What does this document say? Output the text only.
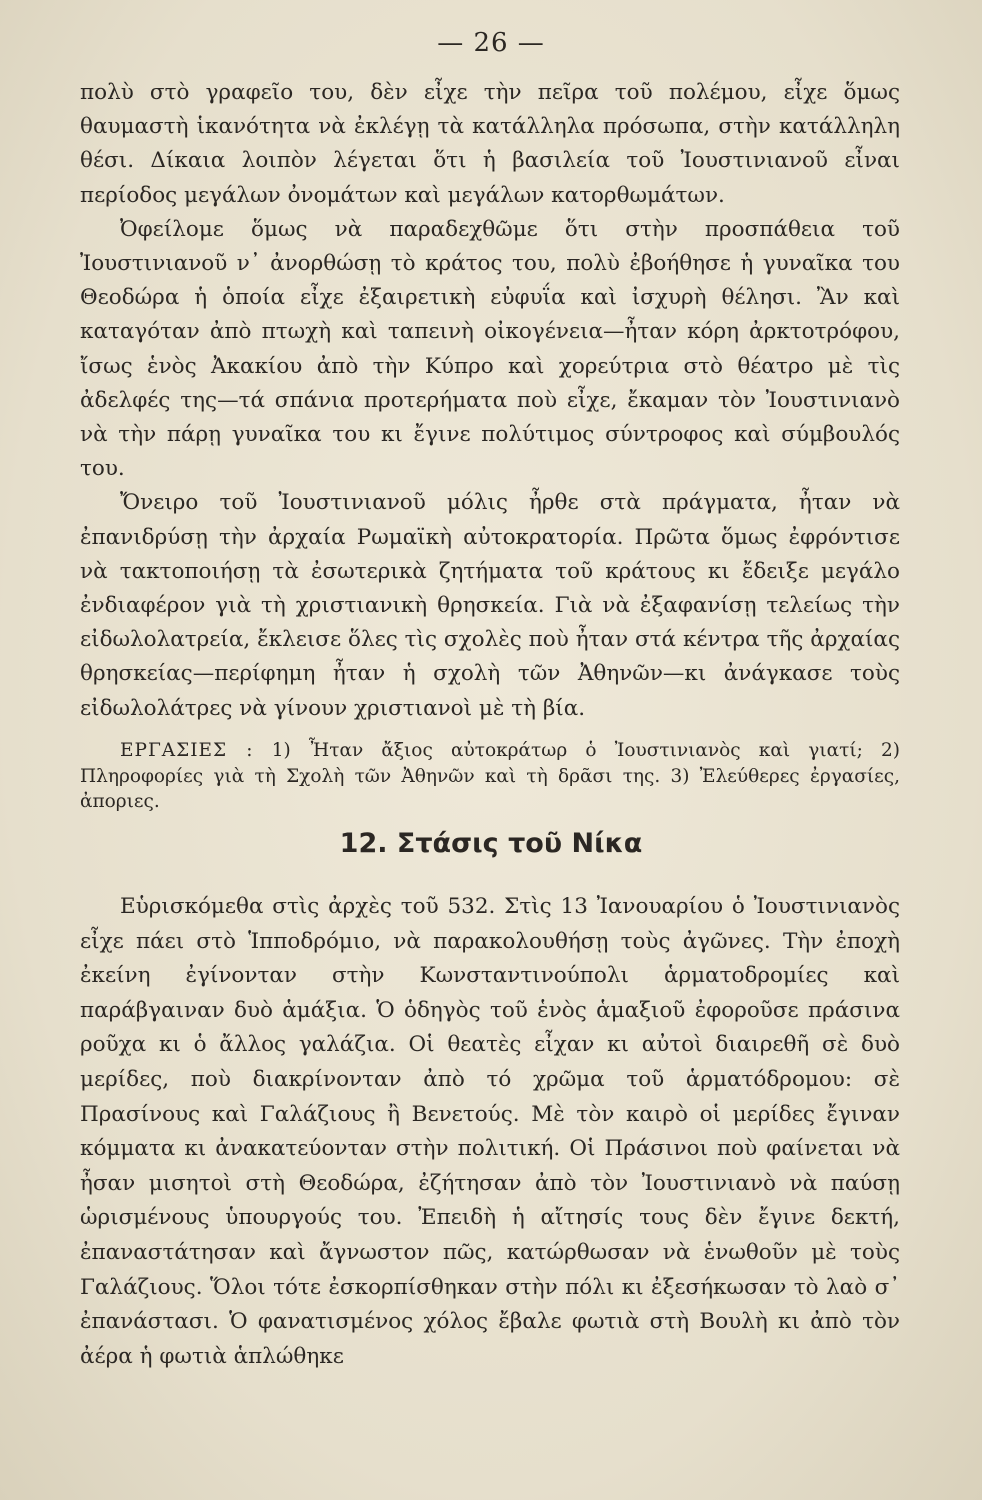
— 26 —

πολὺ στὸ γραφεῖο του, δὲν εἶχε τὴν πεῖρα τοῦ πολέμου, εἶχε ὅμως θαυμαστὴ ἱκανότητα νὰ ἐκλέγῃ τὰ κατάλληλα πρόσωπα, στὴν κατάλληλη θέσι. Δίκαια λοιπὸν λέγεται ὅτι ἡ βασιλεία τοῦ Ἰουστινιανοῦ εἶναι περίοδος μεγάλων ὀνομάτων καὶ μεγάλων κατορθωμάτων.

Ὀφείλομε ὅμως νὰ παραδεχθῶμε ὅτι στὴν προσπάθεια τοῦ Ἰουστινιανοῦ ν᾿ ἀνορθώσῃ τὸ κράτος του, πολὺ ἐβοήθησε ἡ γυναῖκα του Θεοδώρα ἡ ὁποία εἶχε ἐξαιρετικὴ εὐφυΐα καὶ ἰσχυρὴ θέλησι. Ἂν καὶ καταγόταν ἀπὸ πτωχὴ καὶ ταπεινὴ οἰκογένεια—ἦταν κόρη ἀρκτοτρόφου, ἴσως ἑνὸς Ἀκακίου ἀπὸ τὴν Κύπρο καὶ χορεύτρια στὸ θέατρο μὲ τὶς ἀδελφές της—τά σπάνια προτερήματα ποὺ εἶχε, ἔκαμαν τὸν Ἰουστινιανὸ νὰ τὴν πάρῃ γυναῖκα του κι ἔγινε πολύτιμος σύντροφος καὶ σύμβουλός του.

Ὄνειρο τοῦ Ἰουστινιανοῦ μόλις ἦρθε στὰ πράγματα, ἦταν νὰ ἐπανιδρύσῃ τὴν ἀρχαία Ρωμαϊκὴ αὐτοκρατορία. Πρῶτα ὅμως ἐφρόντισε νὰ τακτοποιήσῃ τὰ ἐσωτερικὰ ζητήματα τοῦ κράτους κι ἔδειξε μεγάλο ἐνδιαφέρον γιὰ τὴ χριστιανικὴ θρησκεία. Γιὰ νὰ ἐξαφανίσῃ τελείως τὴν εἰδωλολατρεία, ἔκλεισε ὅλες τὶς σχολὲς ποὺ ἦταν στά κέντρα τῆς ἀρχαίας θρησκείας—περίφημη ἦταν ἡ σχολὴ τῶν Ἀθηνῶν—κι ἀνάγκασε τοὺς εἰδωλολάτρες νὰ γίνουν χριστιανοὶ μὲ τὴ βία.

ΕΡΓΑΣΙΕΣ : 1) Ἦταν ἄξιος αὐτοκράτωρ ὁ Ἰουστινιανὸς καὶ γιατί; 2) Πληροφορίες γιὰ τὴ Σχολὴ τῶν Ἀθηνῶν καὶ τὴ δρᾶσι της. 3) Ἐλεύθερες ἐργασίες, ἀποριες.

12. Στάσις τοῦ Νίκα

Εὑρισκόμεθα στὶς ἀρχὲς τοῦ 532. Στὶς 13 Ἰανουαρίου ὁ Ἰουστινιανὸς εἶχε πάει στὸ Ἱπποδρόμιο, νὰ παρακολουθήσῃ τοὺς ἀγῶνες. Τὴν ἐποχὴ ἐκείνη ἐγίνονταν στὴν Κωνσταντινούπολι ἁρματοδρομίες καὶ παράβγαιναν δυὸ ἁμάξια. Ὁ ὁδηγὸς τοῦ ἑνὸς ἁμαξιοῦ ἐφοροῦσε πράσινα ροῦχα κι ὁ ἄλλος γαλάζια. Οἱ θεατὲς εἶχαν κι αὐτοὶ διαιρεθῆ σὲ δυὸ μερίδες, ποὺ διακρίνονταν ἀπὸ τό χρῶμα τοῦ ἁρματόδρομου: σὲ Πρασίνους καὶ Γαλάζιους ἢ Βενετούς. Μὲ τὸν καιρὸ οἱ μερίδες ἔγιναν κόμματα κι ἀνακατεύονταν στὴν πολιτική. Οἱ Πράσινοι ποὺ φαίνεται νὰ ἦσαν μισητοὶ στὴ Θεοδώρα, ἐζήτησαν ἀπὸ τὸν Ἰουστινιανὸ νὰ παύσῃ ὡρισμένους ὑπουργούς του. Ἐπειδὴ ἡ αἴτησίς τους δὲν ἔγινε δεκτή, ἐπαναστάτησαν καὶ ἄγνωστον πῶς, κατώρθωσαν νὰ ἑνωθοῦν μὲ τοὺς Γαλάζιους. Ὅλοι τότε ἐσκορπίσθηκαν στὴν πόλι κι ἐξεσήκωσαν τὸ λαὸ σ᾿ ἐπανάστασι. Ὁ φανατισμένος χόλος ἔβαλε φωτιὰ στὴ Βουλὴ κι ἀπὸ τὸν ἀέρα ἡ φωτιὰ ἁπλώθηκε
